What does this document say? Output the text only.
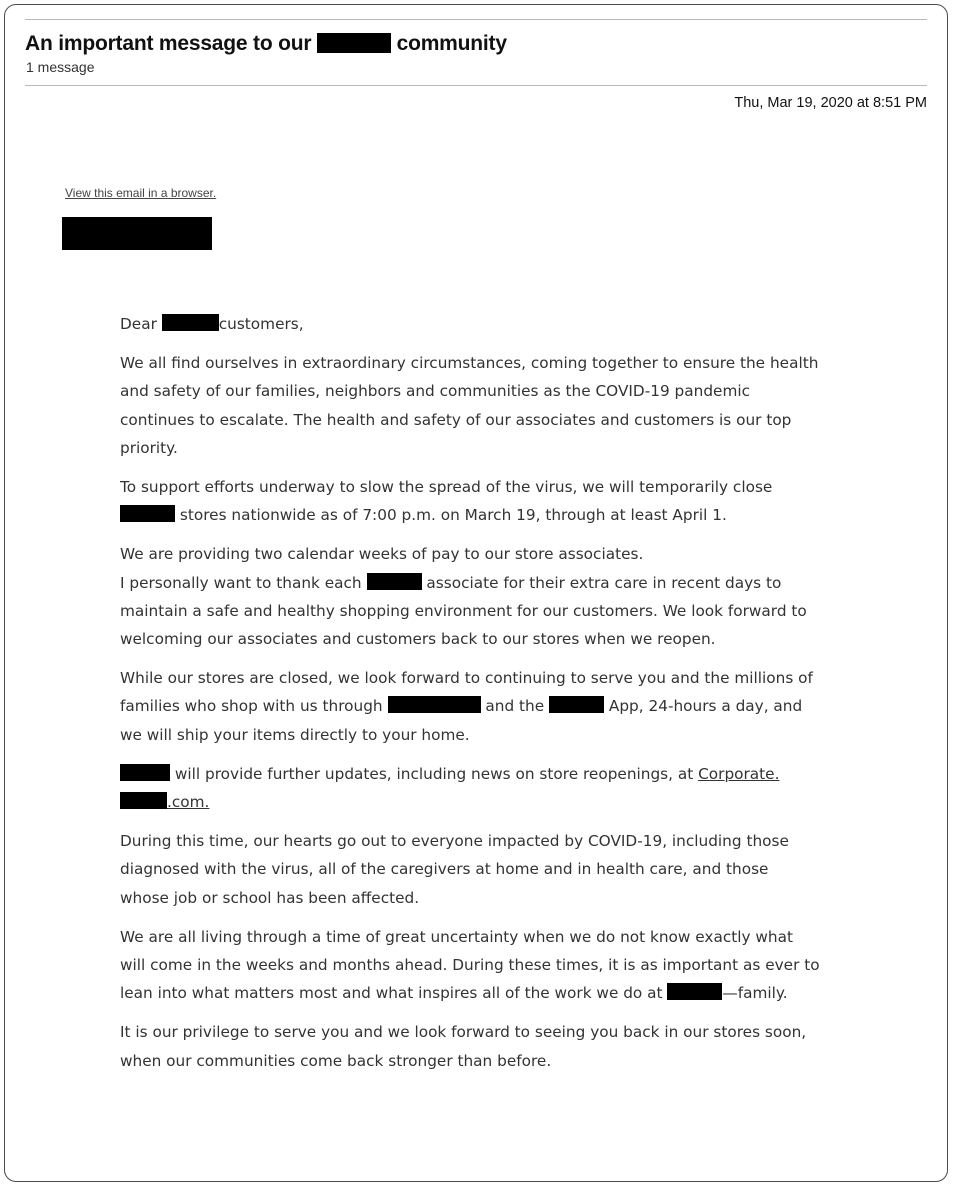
An important message to our	community
1 message
Thu, Mar 19, 2020 at 8:51 PM
View this email in a browser.

Dear	customers,

We all find ourselves in extraordinary circumstances, coming together to ensure the health and safety of our families, neighbors and communities as the COVID-19 pandemic continues to escalate. The health and safety of our associates and customers is our top priority.

To support efforts underway to slow the spread of the virus, we will temporarily close  stores nationwide as of 7:00 p.m. on March 19, through at least April 1.

We are providing two calendar weeks of pay to our store associates.
I personally want to thank each	associate for their extra care in recent days to maintain a safe and healthy shopping environment for our customers. We look forward to welcoming our associates and customers back to our stores when we reopen.

While our stores are closed, we look forward to continuing to serve you and the millions of families who shop with us through	and the	App, 24-hours a day, and we will ship your items directly to your home.

will provide further updates, including news on store reopenings, at Corporate..com.

During this time, our hearts go out to everyone impacted by COVID-19, including those diagnosed with the virus, all of the caregivers at home and in health care, and those whose job or school has been affected.

We are all living through a time of great uncertainty when we do not know exactly what will come in the weeks and months ahead. During these times, it is as important as ever to lean into what matters most and what inspires all of the work we do at	—family.

It is our privilege to serve you and we look forward to seeing you back in our stores soon, when our communities come back stronger than before.
